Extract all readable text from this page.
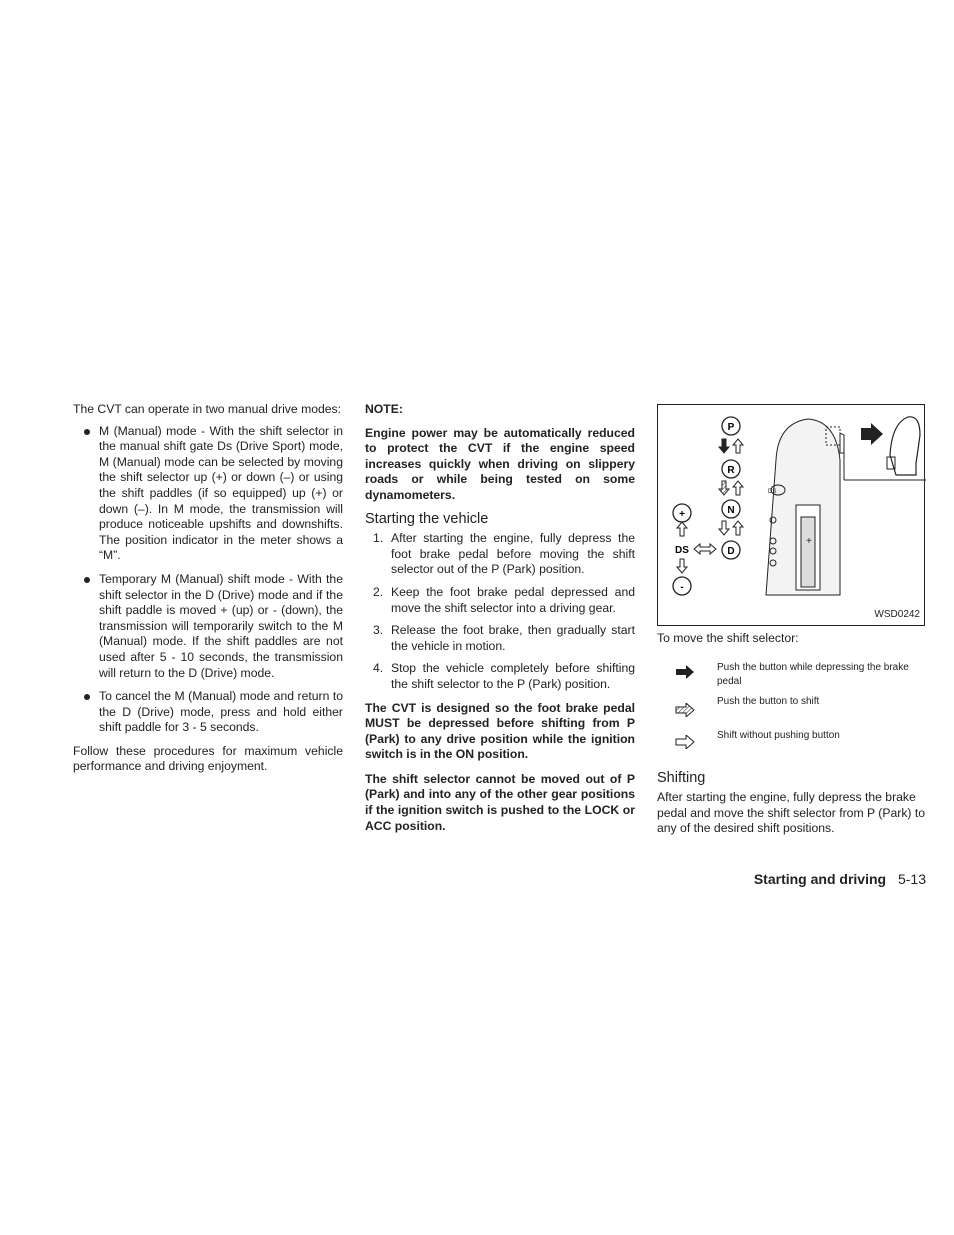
The CVT can operate in two manual drive modes:

M (Manual) mode - With the shift selector in the manual shift gate Ds (Drive Sport) mode, M (Manual) mode can be selected by moving the shift selector up (+) or down (–) or using the shift paddles (if so equipped) up (+) or down (–). In M mode, the transmission will produce noticeable upshifts and downshifts. The position indicator in the meter shows a “M”.
Temporary M (Manual) shift mode - With the shift selector in the D (Drive) mode and if the shift paddle is moved + (up) or - (down), the transmission will temporarily switch to the M (Manual) mode. If the shift paddles are not used after 5 - 10 seconds, the transmission will return to the D (Drive) mode.
To cancel the M (Manual) mode and return to the D (Drive) mode, press and hold either shift paddle for 3 - 5 seconds.

Follow these procedures for maximum vehicle performance and driving enjoyment.

NOTE:

Engine power may be automatically reduced to protect the CVT if the engine speed increases quickly when driving on slippery roads or while being tested on some dynamometers.

Starting the vehicle
1. After starting the engine, fully depress the foot brake pedal before moving the shift selector out of the P (Park) position.
2. Keep the foot brake pedal depressed and move the shift selector into a driving gear.
3. Release the foot brake, then gradually start the vehicle in motion.
4. Stop the vehicle completely before shifting the shift selector to the P (Park) position.

The CVT is designed so the foot brake pedal MUST be depressed before shifting from P (Park) to any drive position while the ignition switch is in the ON position.

The shift selector cannot be moved out of P (Park) and into any of the other gear positions if the ignition switch is pushed to the LOCK or ACC position.

P
R
N
D
+
-
DS
DS
+
WSD0242

To move the shift selector:

Push the button while depressing the brake pedal
Push the button to shift
Shift without pushing button
Shifting

After starting the engine, fully depress the brake pedal and move the shift selector from P (Park) to any of the desired shift positions.

Starting and driving 5-13
